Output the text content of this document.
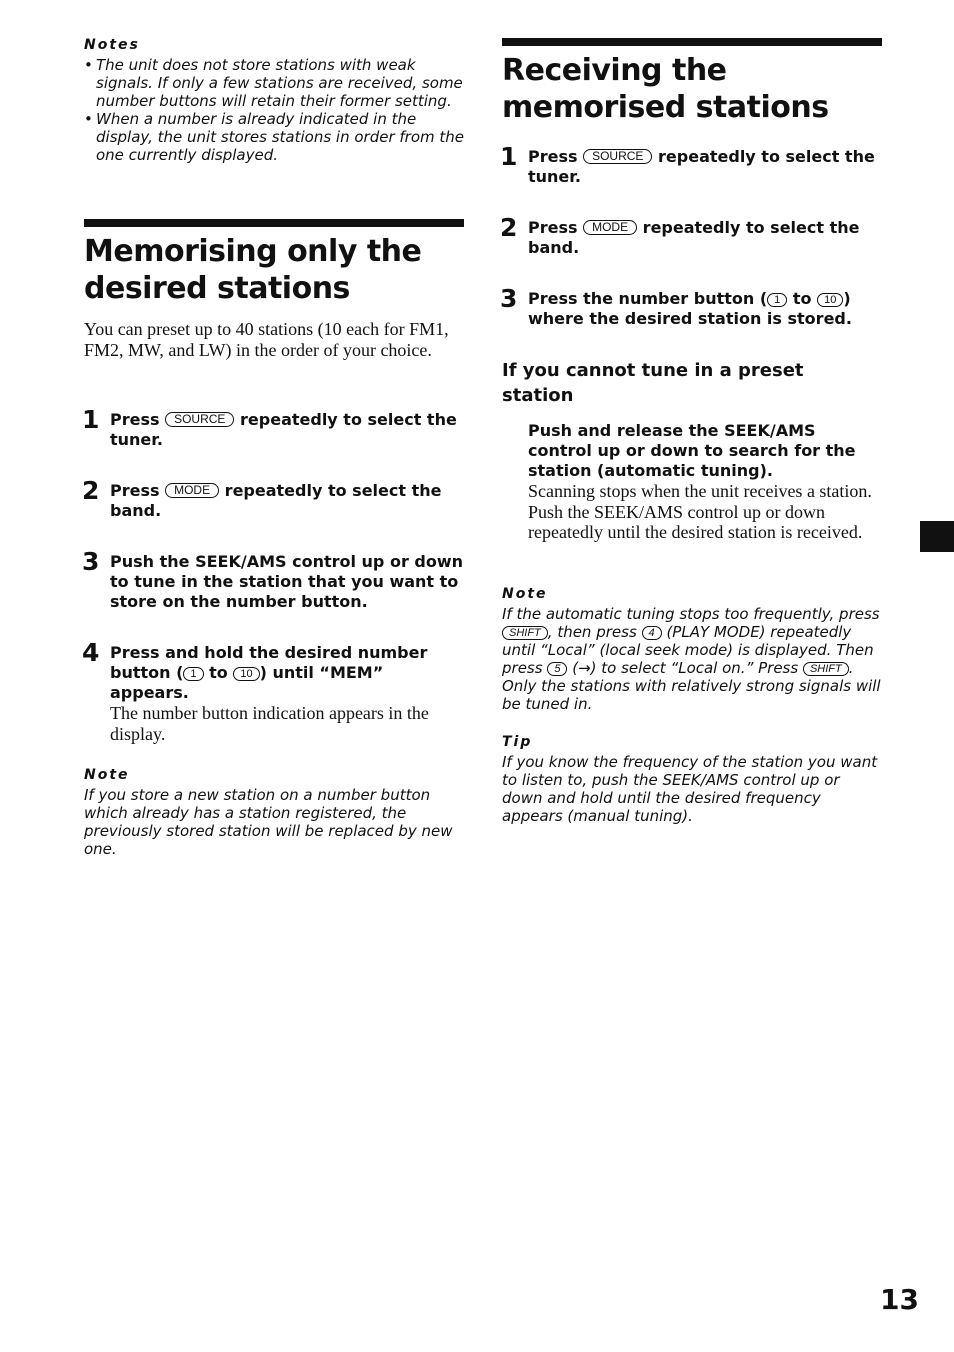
Notes

• The unit does not store stations with weak signals. If only a few stations are received, some number buttons will retain their former setting.
• When a number is already indicated in the display, the unit stores stations in order from the one currently displayed.
Memorising only the desired stations

You can preset up to 40 stations (10 each for FM1, FM2, MW, and LW) in the order of your choice.

1 Press SOURCE repeatedly to select the tuner.
2 Press MODE repeatedly to select the band.
3 Push the SEEK/AMS control up or down to tune in the station that you want to store on the number button.
4 Press and hold the desired number button ( 1 to 10 ) until “MEM” appears.
The number button indication appears in the display.

Note

If you store a new station on a number button which already has a station registered, the previously stored station will be replaced by new one.

Receiving the memorised stations
1 Press SOURCE repeatedly to select the tuner.
2 Press MODE repeatedly to select the band.
3 Press the number button ( 1 to 10 ) where the desired station is stored.
If you cannot tune in a preset station
Push and release the SEEK/AMS control up or down to search for the station (automatic tuning).
Scanning stops when the unit receives a station. Push the SEEK/AMS control up or down repeatedly until the desired station is received.

Note

If the automatic tuning stops too frequently, press SHIFT , then press 4 (PLAY MODE) repeatedly until “Local” (local seek mode) is displayed. Then press 5 (→) to select “Local on.” Press SHIFT . Only the stations with relatively strong signals will be tuned in.

Tip

If you know the frequency of the station you want to listen to, push the SEEK/AMS control up or down and hold until the desired frequency appears (manual tuning).

13
